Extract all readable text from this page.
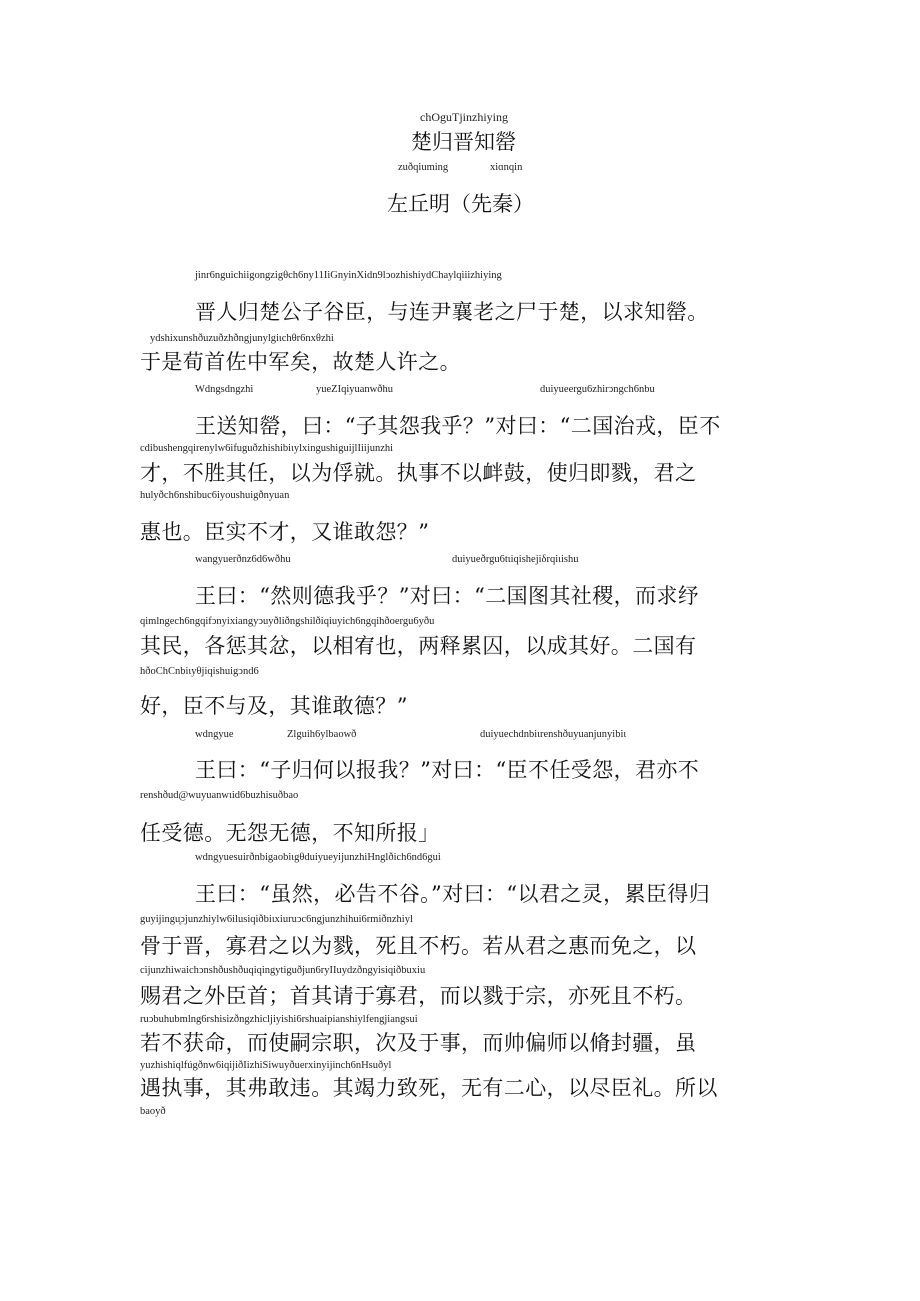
chOguTjinzhiying
楚归晋知罃
zuðqiuming	xiɑnqin
左丘明（先秦）
jinr6nguichiigongzigθch6ny11IiGnyinXidn9lↄozhishiydChaylqiiizhiying
晋人归楚公子谷臣，与连尹襄老之尸于楚，以求知罃。
ydshixunshðuzuðzhðngjunylgiιchθr6nxθzhi
于是荀首佐中军矣，故楚人许之。
Wdngsdngzhi	yueZIqiyuanwðhu	duiyueergu6zhirↄngch6nbu
王送知罃，曰：“子其怨我乎？”对曰：“二国治戎，臣不
cdibushengqirenylw6ifuguðzhishibiιylxingushiguijlIiijunzhi
才，不胜其任，以为俘就。执事不以衅鼓，使归即戮，君之
hulyðch6nshibuc6iyoushuigðnyuan
惠也。臣实不才，又谁敢怨？”
wangyuerðnz6d6wðhu	duiyueðrgu6tιiqishejiδrqiιishu
王曰：“然则德我乎？”对曰：“二国图其社稷，而求纾
qimlngech6ngqifↄnyixiangyↄuyðliðngshilðiqiuyich6ngqihðoergu6yðu
其民，各惩其忿，以相宥也，两释累囚，以成其好。二国有
hðoChCnbiιyθjiqishuigↄnd6
好，臣不与及，其谁敢德？”
wdngyue	Zlguih6ylbaowð	duiyuechdnbiιrenshðuyuanjunyibiι
王曰：“子归何以报我？”对曰：“臣不任受怨，君亦不
renshðud@wuyuanwιid6buzhisuðbao
任受德。无怨无德，不知所报」
wdngyuesuirðnbigaobiιgθduiyueyijunzhiHnglðich6nd6gui
王曰：“虽然，必告不谷。”对曰：“以君之灵，累臣得归
guyijingu̥ↄjunzhiylw6ilusiqiðbiιxiuruↄc6ngjunzhihui6rmiðnzhiyl
骨于晋，寡君之以为戮，死且不朽。若从君之惠而免之，以
cijunzhiwaichↄnshðushðuqiqingytiguðjun6ryIIuydzðngyisiqiðbuxiu
赐君之外臣首；首其请于寡君，而以戮于宗，亦死且不朽。
ruↄbuhubmlng6rshisizðngzhicljiyishi6rshuaipianshiylfengjiangsui
若不获命，而使嗣宗职，次及于事，而帅偏师以脩封疆，虽
yuzhishiqlfúgðnw6iqijiðIizhiSiwuyðuerxinyijinch6nHsuðyl
遇执事，其弗敢违。其竭力致死，无有二心，以尽臣礼。所以
baoyð
